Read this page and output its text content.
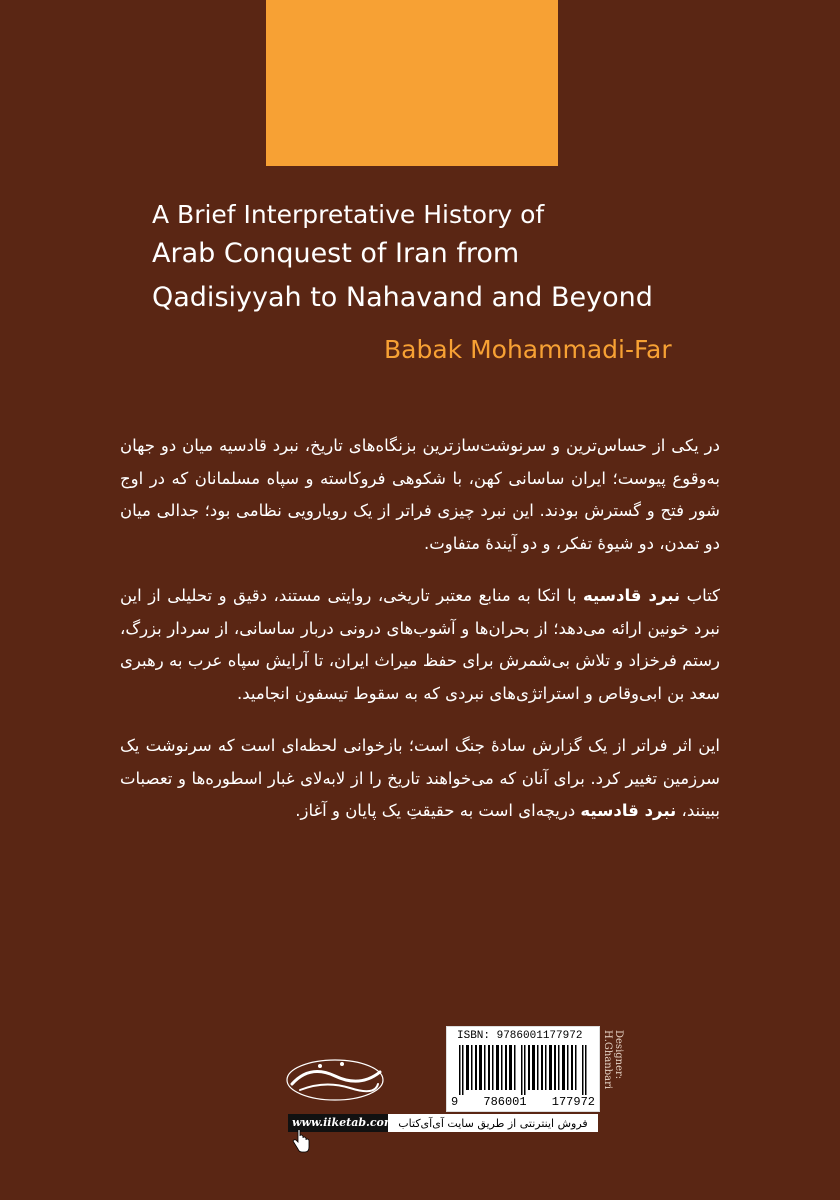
A Brief Interpretative History of
Arab Conquest of Iran from
Qadisiyyah to Nahavand and Beyond
Babak Mohammadi-Far

در یکی از حساس‌ترین و سرنوشت‌سازترین بزنگاه‌های تاریخ، نبرد قادسیه میان دو جهان به‌وقوع پیوست؛ ایران ساسانی کهن، با شکوهی فروکاسته و سپاه مسلمانان که در اوج شور فتح و گسترش بودند. این نبرد چیزی فراتر از یک رویارویی نظامی بود؛ جدالی میان دو تمدن، دو شیوهٔ تفکر، و دو آیندهٔ متفاوت.

کتاب نبرد قادسیه با اتکا به منابع معتبر تاریخی، روایتی مستند، دقیق و تحلیلی از این نبرد خونین ارائه می‌دهد؛ از بحران‌ها و آشوب‌های درونی دربار ساسانی، از سردار بزرگ، رستم فرخزاد و تلاش بی‌شمرش برای حفظ میراث ایران، تا آرایش سپاه عرب به رهبری سعد بن ابی‌وقاص و استراتژی‌های نبردی که به سقوط تیسفون انجامید.

این اثر فراتر از یک گزارش سادهٔ جنگ است؛ بازخوانی لحظه‌ای است که سرنوشت یک سرزمین تغییر کرد. برای آنان که می‌خواهند تاریخ را از لابه‌لای غبار اسطوره‌ها و تعصبات ببینند، نبرد قادسیه دریچه‌ای است به حقیقتِ یک پایان و آغاز.

ISBN: 9786001177972
9 786001 177972
Designer:
H.Ghanbari
www.iiketab.com فروش اینترنتی از طریق سایت آی‌آی‌کتاب
